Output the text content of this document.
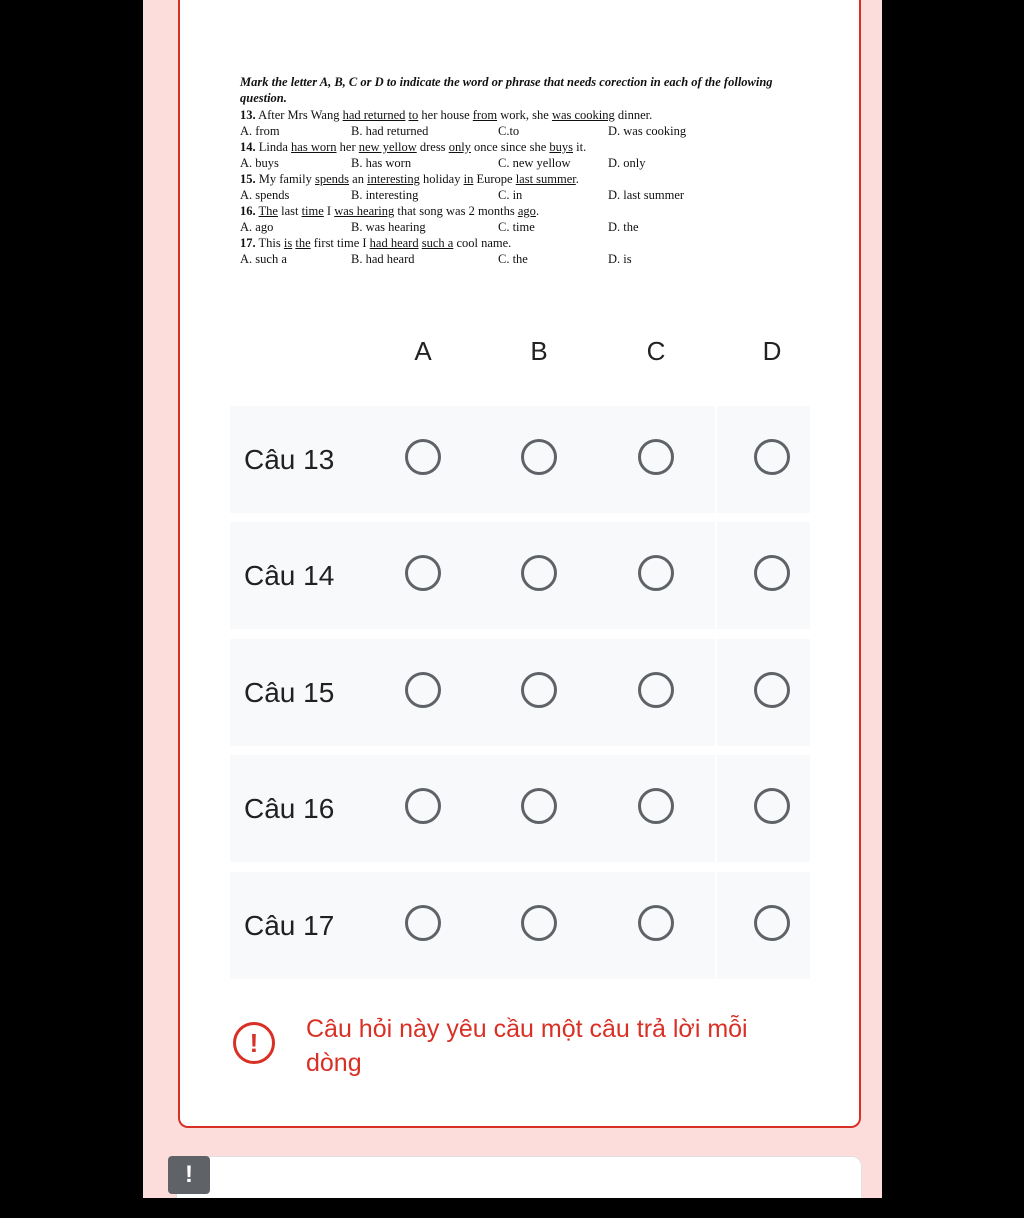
Mark the letter A, B, C or D to indicate the word or phrase that needs corection in each of the following question.
13. After Mrs Wang had returned to her house from work, she was cooking dinner.
A. from	B. had returned	C.to	D. was cooking
14. Linda has worn her new yellow dress only once since she buys it.
A. buys	B. has worn	C. new yellow	D. only
15. My family spends an interesting holiday in Europe last summer.
A. spends	B. interesting	C. in	D. last summer
16. The last time I was hearing that song was 2 months ago.
A. ago	B. was hearing	C. time	D. the
17. This is the first time I had heard such a cool name.
A. such a	B. had heard	C. the	D. is
A	B	C	D
Câu 13
Câu 14
Câu 15
Câu 16
Câu 17
!	Câu hỏi này yêu cầu một câu trả lời mỗi dòng
!
